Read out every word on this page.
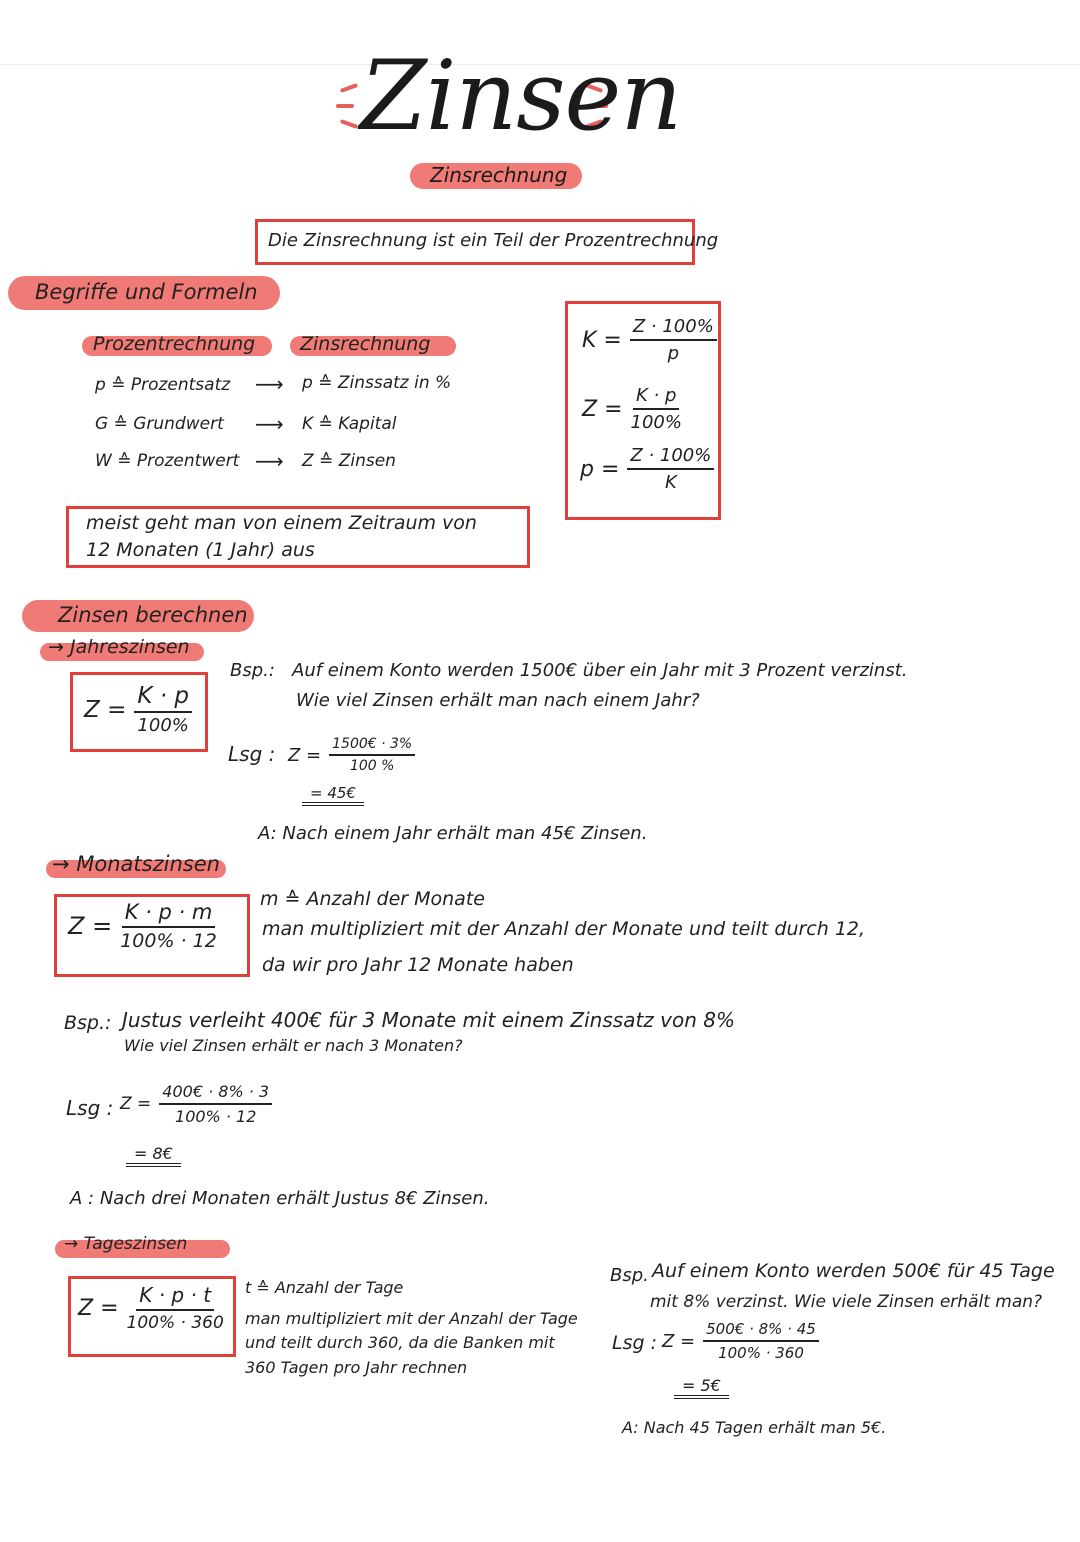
Zinsen
Zinsrechnung
Die Zinsrechnung ist ein Teil der Prozentrechnung
Begriffe und Formeln
Prozentrechnung Zinsrechnung
p ≙ Prozentsatz ⟶ p ≙ Zinssatz in %
G ≙ Grundwert ⟶ K ≙ Kapital
W ≙ Prozentwert ⟶ Z ≙ Zinsen
$K = \frac{Z \cdot 100\%}{p}$
$Z = \frac{K \cdot p}{100\%}$
$p = \frac{Z \cdot 100\%}{K}$
meist geht man von einem Zeitraum von
12 Monaten (1 Jahr) aus
Zinsen berechnen
→ Jahreszinsen
$Z = \frac{K \cdot p}{100\%}$
Bsp.: Auf einem Konto werden 1500€ über ein Jahr mit 3 Prozent verzinst.
Wie viel Zinsen erhält man nach einem Jahr?
Lsg : $Z = \frac{1500€ \cdot 3\%}{100 \%}$
= 45€
A: Nach einem Jahr erhält man 45€ Zinsen.
→ Monatszinsen
$Z = \frac{K \cdot p \cdot m}{100\% \cdot 12}$
m ≙ Anzahl der Monate
man multipliziert mit der Anzahl der Monate und teilt durch 12,
da wir pro Jahr 12 Monate haben
Bsp.: Justus verleiht 400€ für 3 Monate mit einem Zinssatz von 8%
Wie viel Zinsen erhält er nach 3 Monaten?
Lsg : $Z = \frac{400€ \cdot 8\% \cdot 3}{100\% \cdot 12}$
= 8€
A : Nach drei Monaten erhält Justus 8€ Zinsen.
→ Tageszinsen
$Z = \frac{K \cdot p \cdot t}{100\% \cdot 360}$ t ≙ Anzahl der Tage
man multipliziert mit der Anzahl der Tage
und teilt durch 360, da die Banken mit
360 Tagen pro Jahr rechnen
Bsp. Auf einem Konto werden 500€ für 45 Tage
mit 8% verzinst. Wie viele Zinsen erhält man?
Lsg : $Z = \frac{500€ \cdot 8\% \cdot 45}{100\% \cdot 360}$
= 5€
A: Nach 45 Tagen erhält man 5€.
